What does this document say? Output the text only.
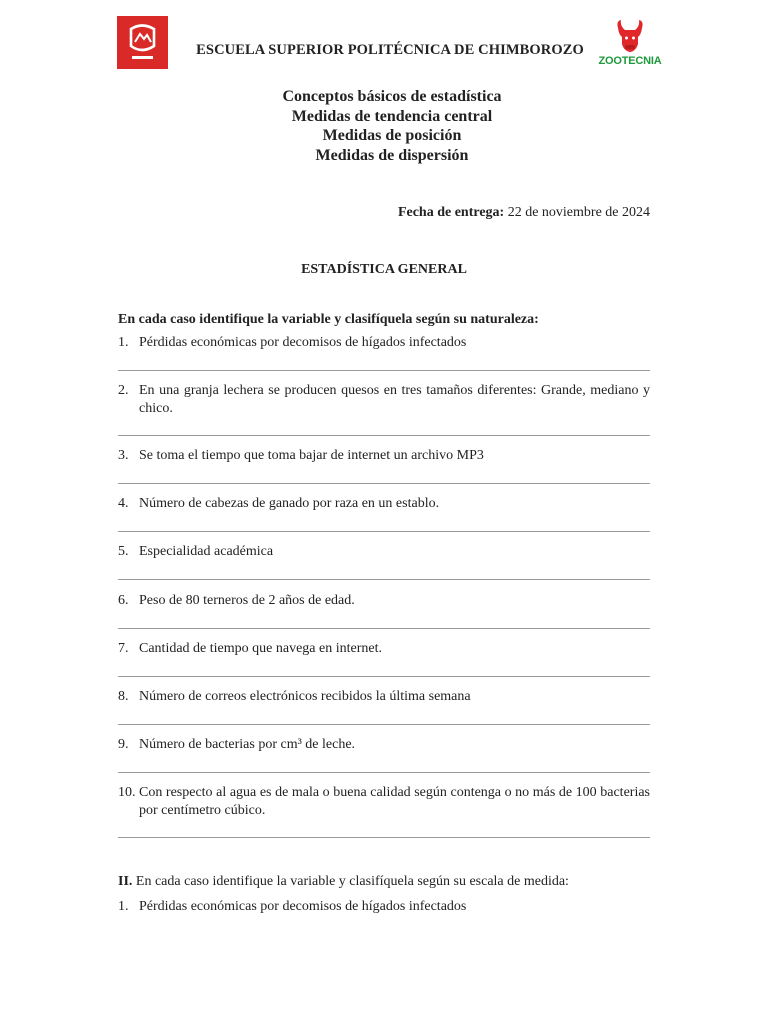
ZOOTECNIA
ESCUELA SUPERIOR POLITÉCNICA DE CHIMBOROZO
Conceptos básicos de estadística
Medidas de tendencia central
Medidas de posición
Medidas de dispersión
Fecha de entrega: 22 de noviembre de 2024
ESTADÍSTICA GENERAL
En cada caso identifique la variable y clasifíquela según su naturaleza:
1. Pérdidas económicas por decomisos de hígados infectados
2. En una granja lechera se producen quesos en tres tamaños diferentes: Grande, mediano y chico.
3. Se toma el tiempo que toma bajar de internet un archivo MP3
4. Número de cabezas de ganado por raza en un establo.
5. Especialidad académica
6. Peso de 80 terneros de 2 años de edad.
7. Cantidad de tiempo que navega en internet.
8. Número de correos electrónicos recibidos la última semana
9. Número de bacterias por cm³ de leche.
10. Con respecto al agua es de mala o buena calidad según contenga o no más de 100 bacterias por centímetro cúbico.
II. En cada caso identifique la variable y clasifíquela según su escala de medida:
1. Pérdidas económicas por decomisos de hígados infectados
